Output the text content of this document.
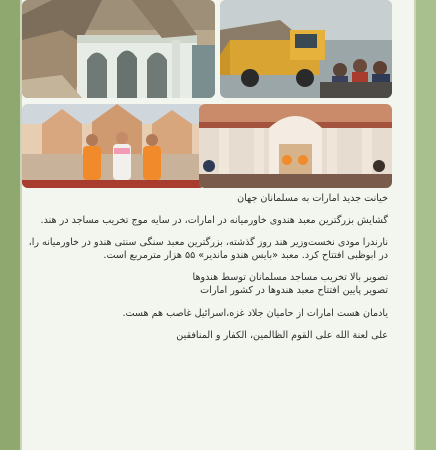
خیانت جدید امارات به مسلمانان جهان

گشایش بزرگترین معبد هندوی خاورمیانه در امارات، در سایه موج تخریب مساجد در هند.

نارندرا مودی نخست‌وزیر هند روز گذشته، بزرگترین معبد سنگی سنتی هندو در خاورمیانه را، در ابوظبی افتتاح کرد. معبد «بایس هندو ماندیر» ۵۵ هزار مترمربع است.

تصویر بالا تخریب مساجد مسلمانان توسط هندوها
تصویر پایین افتتاح معبد هندوها در کشور امارات

یادمان هست امارات از حامیان جلاد غزه،اسرائیل غاصب هم هست.

علی لعنة الله علی القوم الظالمین، الکفار و المنافقین
